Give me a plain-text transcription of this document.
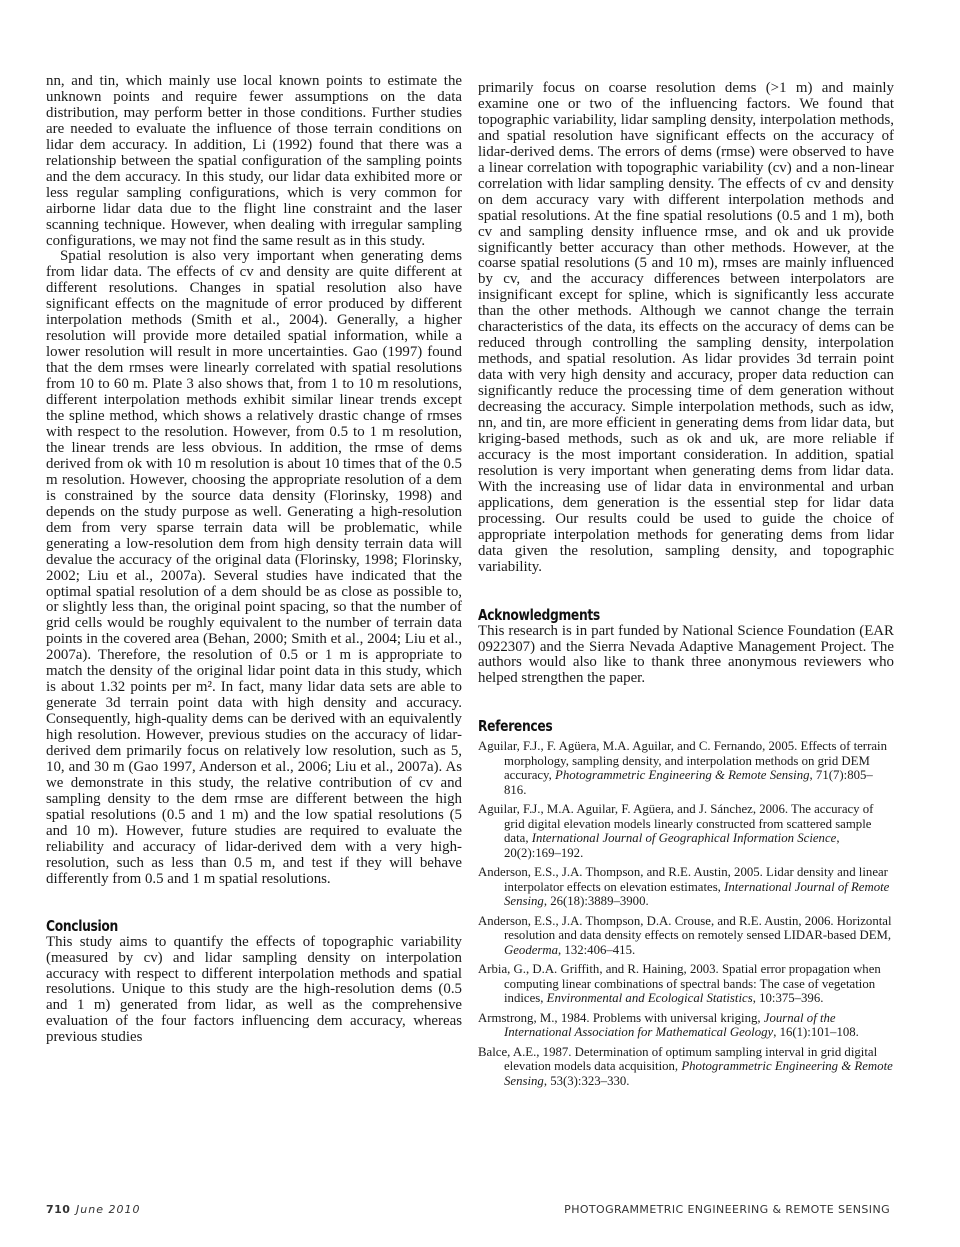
nn, and tin, which mainly use local known points to estimate the unknown points and require fewer assumptions on the data distribution, may perform better in those conditions. Further studies are needed to evaluate the influence of those terrain conditions on lidar dem accuracy. In addition, Li (1992) found that there was a relationship between the spatial configuration of the sampling points and the dem accuracy. In this study, our lidar data exhibited more or less regular sampling configurations, which is very common for airborne lidar data due to the flight line constraint and the laser scanning technique. However, when dealing with irregular sampling configurations, we may not find the same result as in this study.

Spatial resolution is also very important when generating dems from lidar data. The effects of cv and density are quite different at different resolutions. Changes in spatial resolution also have significant effects on the magnitude of error produced by different interpolation methods (Smith et al., 2004). Generally, a higher resolution will provide more detailed spatial information, while a lower resolution will result in more uncertainties. Gao (1997) found that the dem rmses were linearly correlated with spatial resolutions from 10 to 60 m. Plate 3 also shows that, from 1 to 10 m resolutions, different interpolation methods exhibit similar linear trends except the spline method, which shows a relatively drastic change of rmses with respect to the resolution. However, from 0.5 to 1 m resolution, the linear trends are less obvious. In addition, the rmse of dems derived from ok with 10 m resolution is about 10 times that of the 0.5 m resolution. However, choosing the appropriate resolution of a dem is constrained by the source data density (Florinsky, 1998) and depends on the study purpose as well. Generating a high-resolution dem from very sparse terrain data will be problematic, while generating a low-resolution dem from high density terrain data will devalue the accuracy of the original data (Florinsky, 1998; Florinsky, 2002; Liu et al., 2007a). Several studies have indicated that the optimal spatial resolution of a dem should be as close as possible to, or slightly less than, the original point spacing, so that the number of grid cells would be roughly equivalent to the number of terrain data points in the covered area (Behan, 2000; Smith et al., 2004; Liu et al., 2007a). Therefore, the resolution of 0.5 or 1 m is appropriate to match the density of the original lidar point data in this study, which is about 1.32 points per m². In fact, many lidar data sets are able to generate 3d terrain point data with high density and accuracy. Consequently, high-quality dems can be derived with an equivalently high resolution. However, previous studies on the accuracy of lidar-derived dem primarily focus on relatively low resolution, such as 5, 10, and 30 m (Gao 1997, Anderson et al., 2006; Liu et al., 2007a). As we demonstrate in this study, the relative contribution of cv and sampling density to the dem rmse are different between the high spatial resolutions (0.5 and 1 m) and the low spatial resolutions (5 and 10 m). However, future studies are required to evaluate the reliability and accuracy of lidar-derived dem with a very high-resolution, such as less than 0.5 m, and test if they will behave differently from 0.5 and 1 m spatial resolutions.

Conclusion

This study aims to quantify the effects of topographic variability (measured by cv) and lidar sampling density on interpolation accuracy with respect to different interpolation methods and spatial resolutions. Unique to this study are the high-resolution dems (0.5 and 1 m) generated from lidar, as well as the comprehensive evaluation of the four factors influencing dem accuracy, whereas previous studies

primarily focus on coarse resolution dems (>1 m) and mainly examine one or two of the influencing factors. We found that topographic variability, lidar sampling density, interpolation methods, and spatial resolution have significant effects on the accuracy of lidar-derived dems. The errors of dems (rmse) were observed to have a linear correlation with topographic variability (cv) and a non-linear correlation with lidar sampling density. The effects of cv and density on dem accuracy vary with different interpolation methods and spatial resolutions. At the fine spatial resolutions (0.5 and 1 m), both cv and sampling density influence rmse, and ok and uk provide significantly better accuracy than other methods. However, at the coarse spatial resolutions (5 and 10 m), rmses are mainly influenced by cv, and the accuracy differences between interpolators are insignificant except for spline, which is significantly less accurate than the other methods. Although we cannot change the terrain characteristics of the data, its effects on the accuracy of dems can be reduced through controlling the sampling density, interpolation methods, and spatial resolution. As lidar provides 3d terrain point data with very high density and accuracy, proper data reduction can significantly reduce the processing time of dem generation without decreasing the accuracy. Simple interpolation methods, such as idw, nn, and tin, are more efficient in generating dems from lidar data, but kriging-based methods, such as ok and uk, are more reliable if accuracy is the most important consideration. In addition, spatial resolution is very important when generating dems from lidar data. With the increasing use of lidar data in environmental and urban applications, dem generation is the essential step for lidar data processing. Our results could be used to guide the choice of appropriate interpolation methods for generating dems from lidar data given the resolution, sampling density, and topographic variability.

Acknowledgments

This research is in part funded by National Science Foundation (EAR 0922307) and the Sierra Nevada Adaptive Management Project. The authors would also like to thank three anonymous reviewers who helped strengthen the paper.

References
Aguilar, F.J., F. Agüera, M.A. Aguilar, and C. Fernando, 2005. Effects of terrain morphology, sampling density, and interpolation methods on grid DEM accuracy, Photogrammetric Engineering & Remote Sensing, 71(7):805–816.
Aguilar, F.J., M.A. Aguilar, F. Agüera, and J. Sánchez, 2006. The accuracy of grid digital elevation models linearly constructed from scattered sample data, International Journal of Geographical Information Science, 20(2):169–192.
Anderson, E.S., J.A. Thompson, and R.E. Austin, 2005. Lidar density and linear interpolator effects on elevation estimates, International Journal of Remote Sensing, 26(18):3889–3900.
Anderson, E.S., J.A. Thompson, D.A. Crouse, and R.E. Austin, 2006. Horizontal resolution and data density effects on remotely sensed LIDAR-based DEM, Geoderma, 132:406–415.
Arbia, G., D.A. Griffith, and R. Haining, 2003. Spatial error propagation when computing linear combinations of spectral bands: The case of vegetation indices, Environmental and Ecological Statistics, 10:375–396.
Armstrong, M., 1984. Problems with universal kriging, Journal of the International Association for Mathematical Geology, 16(1):101–108.
Balce, A.E., 1987. Determination of optimum sampling interval in grid digital elevation models data acquisition, Photogrammetric Engineering & Remote Sensing, 53(3):323–330.
710 June 2010	PHOTOGRAMMETRIC ENGINEERING & REMOTE SENSING
